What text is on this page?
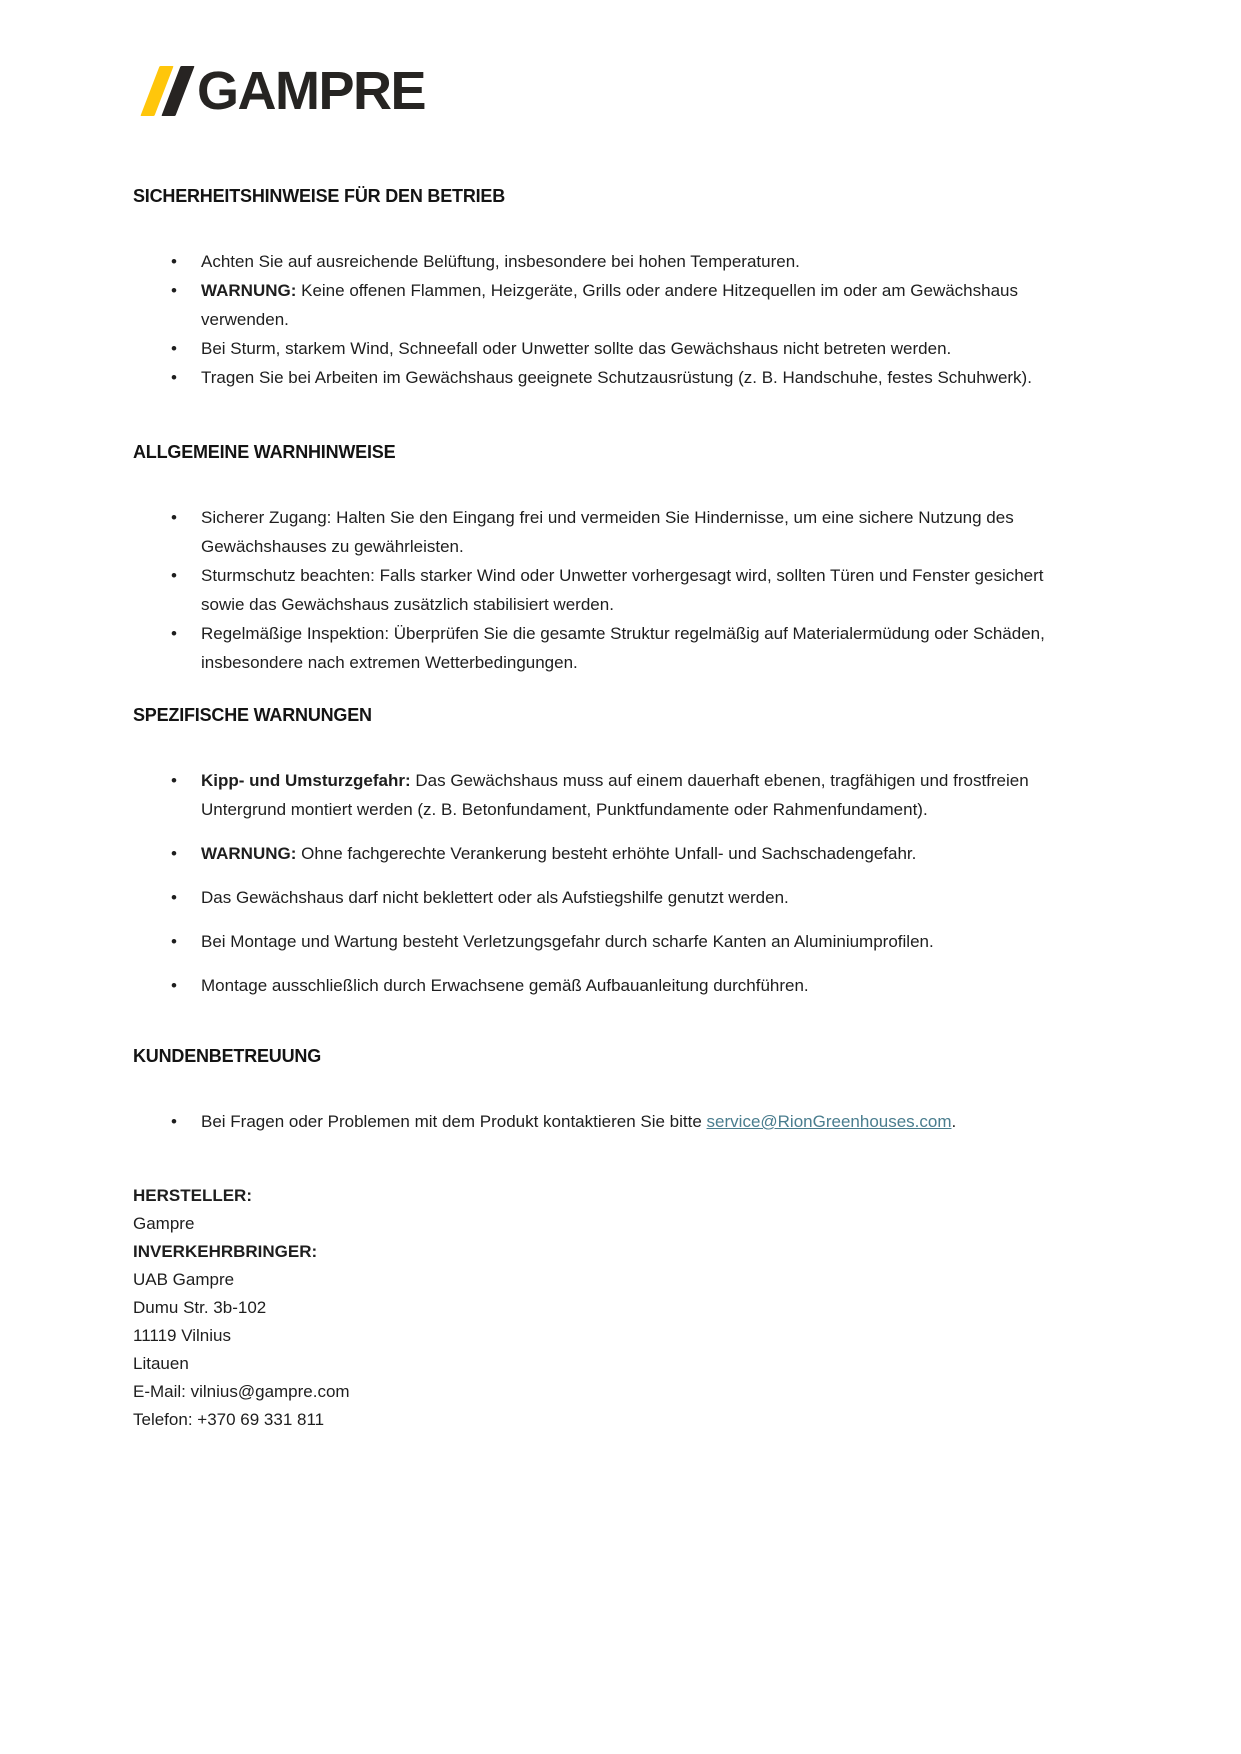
GAMPRE
SICHERHEITSHINWEISE FÜR DEN BETRIEB
• Achten Sie auf ausreichende Belüftung, insbesondere bei hohen Temperaturen.
• WARNUNG: Keine offenen Flammen, Heizgeräte, Grills oder andere Hitzequellen im oder am Gewächshaus verwenden.
• Bei Sturm, starkem Wind, Schneefall oder Unwetter sollte das Gewächshaus nicht betreten werden.
• Tragen Sie bei Arbeiten im Gewächshaus geeignete Schutzausrüstung (z. B. Handschuhe, festes Schuhwerk).
ALLGEMEINE WARNHINWEISE
• Sicherer Zugang: Halten Sie den Eingang frei und vermeiden Sie Hindernisse, um eine sichere Nutzung des Gewächshauses zu gewährleisten.
• Sturmschutz beachten: Falls starker Wind oder Unwetter vorhergesagt wird, sollten Türen und Fenster gesichert sowie das Gewächshaus zusätzlich stabilisiert werden.
• Regelmäßige Inspektion: Überprüfen Sie die gesamte Struktur regelmäßig auf Materialermüdung oder Schäden, insbesondere nach extremen Wetterbedingungen.
SPEZIFISCHE WARNUNGEN
• Kipp- und Umsturzgefahr: Das Gewächshaus muss auf einem dauerhaft ebenen, tragfähigen und frostfreien Untergrund montiert werden (z. B. Betonfundament, Punktfundamente oder Rahmenfundament).
• WARNUNG: Ohne fachgerechte Verankerung besteht erhöhte Unfall- und Sachschadengefahr.
• Das Gewächshaus darf nicht beklettert oder als Aufstiegshilfe genutzt werden.
• Bei Montage und Wartung besteht Verletzungsgefahr durch scharfe Kanten an Aluminiumprofilen.
• Montage ausschließlich durch Erwachsene gemäß Aufbauanleitung durchführen.
KUNDENBETREUUNG
• Bei Fragen oder Problemen mit dem Produkt kontaktieren Sie bitte service@RionGreenhouses.com.
HERSTELLER:
Gampre
INVERKEHRBRINGER:
UAB Gampre
Dumu Str. 3b-102
11119 Vilnius
Litauen
E-Mail: vilnius@gampre.com
Telefon: +370 69 331 811
